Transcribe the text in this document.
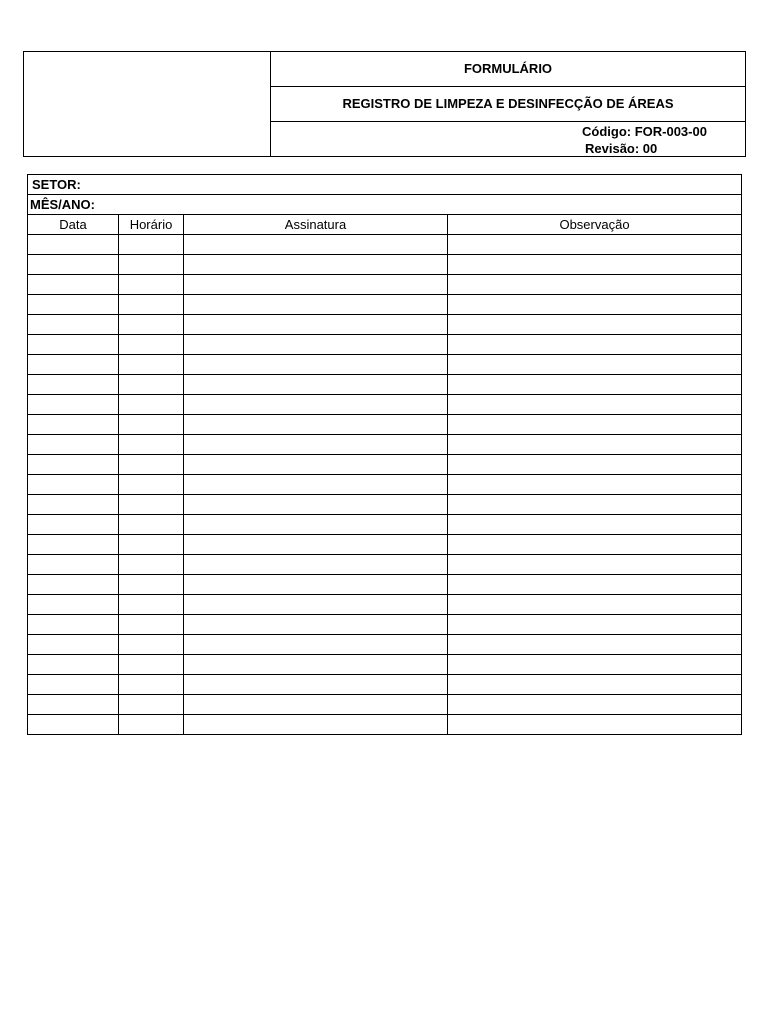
FORMULÁRIO
REGISTRO DE LIMPEZA E DESINFECÇÃO DE ÁREAS
Código: FOR-003-00
Revisão: 00
SETOR:			
MÊS/ANO:			
Data	Horário	Assinatura	Observação
